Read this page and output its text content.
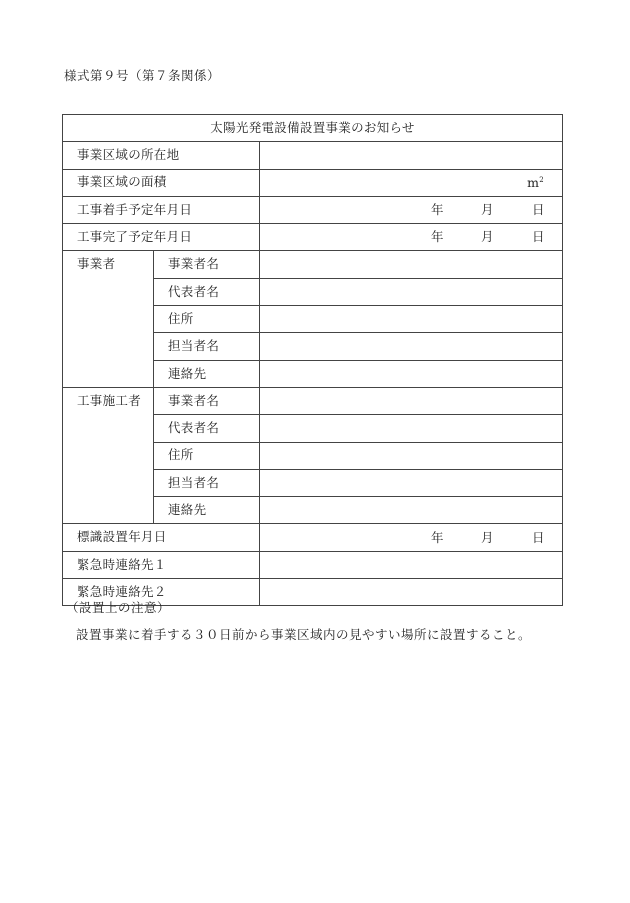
様式第９号（第７条関係）
太陽光発電設備設置事業のお知らせ		
事業区域の所在地		
事業区域の面積		$m^2$

工事着手予定年月日		年 月 日

工事完了予定年月日		年 月 日

事業者	事業者名	
	代表者名	
	住所	
	担当者名	
	連絡先	
工事施工者	事業者名	
	代表者名	
	住所	
	担当者名	
	連絡先	
標識設置年月日		年 月 日

緊急時連絡先１		
緊急時連絡先２		
（設置上の注意）
設置事業に着手する３０日前から事業区域内の見やすい場所に設置すること。
